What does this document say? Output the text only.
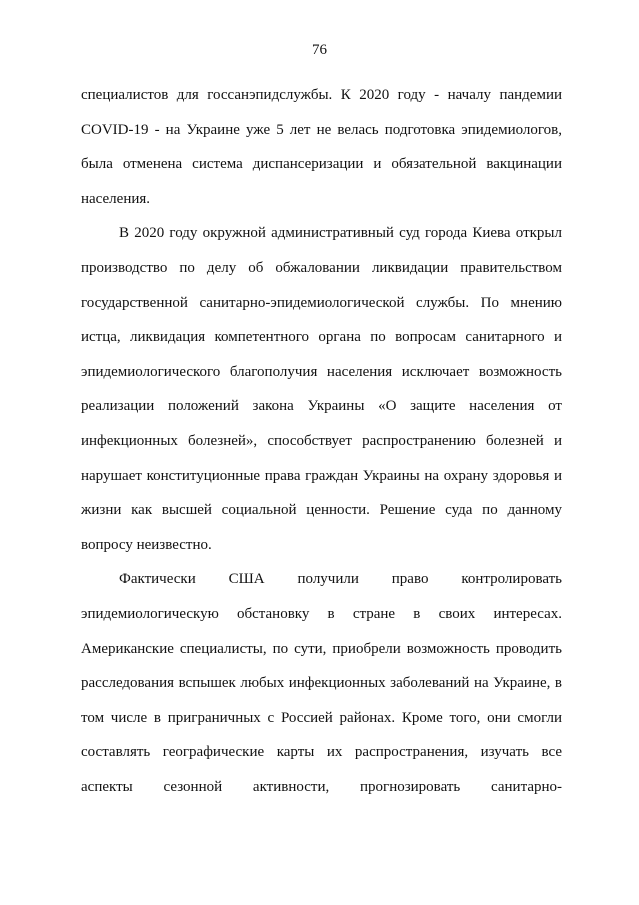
76
специалистов для госсанэпидслужбы. К 2020 году - началу пандемии
COVID-19 - на Украине уже 5 лет не велась подготовка эпидемиологов,
была отменена система диспансеризации и обязательной вакцинации
населения.
В 2020 году окружной административный суд города Киева открыл
производство по делу об обжаловании ликвидации правительством
государственной санитарно-эпидемиологической службы. По мнению
истца, ликвидация компетентного органа по вопросам санитарного и
эпидемиологического благополучия населения исключает возможность
реализации положений закона Украины «О защите населения от
инфекционных болезней», способствует распространению болезней и
нарушает конституционные права граждан Украины на охрану здоровья и
жизни как высшей социальной ценности. Решение суда по данному
вопросу неизвестно.
Фактически США получили право контролировать
эпидемиологическую обстановку в стране в своих интересах.
Американские специалисты, по сути, приобрели возможность проводить
расследования вспышек любых инфекционных заболеваний на Украине, в
том числе в приграничных с Россией районах. Кроме того, они смогли
составлять географические карты их распространения, изучать все
аспекты сезонной активности, прогнозировать санитарно-
